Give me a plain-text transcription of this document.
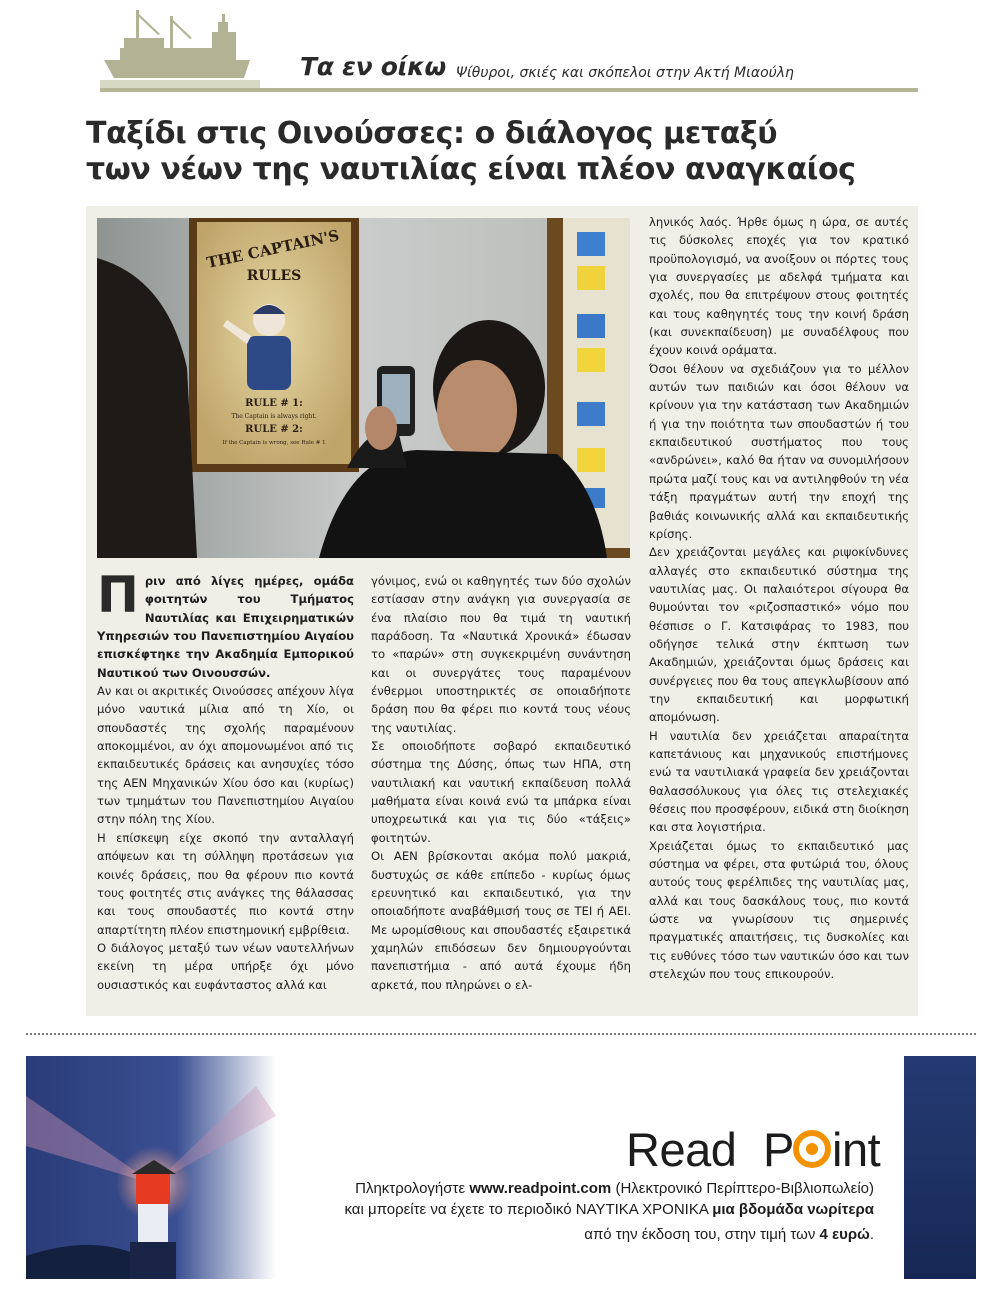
Τα εν οίκω Ψίθυροι, σκιές και σκόπελοι στην Ακτή Μιαούλη
Ταξίδι στις Οινούσσες: ο διάλογος μεταξύ
των νέων της ναυτιλίας είναι πλέον αναγκαίος
THE CAPTAIN'S
RULES
RULE # 1:
The Captain is always right.
RULE # 2:
If the Captain is wrong, see Rule # 1

Πριν από λίγες ημέρες, ομάδα φοιτητών του Τμήματος Ναυτιλίας και Επιχειρηματικών Υπηρεσιών του Πανεπιστημίου Αιγαίου επισκέφτηκε την Ακαδημία Εμπορικού Ναυτικού των Οινουσσών.

Αν και οι ακριτικές Οινούσσες απέχουν λίγα μόνο ναυτικά μίλια από τη Χίο, οι σπουδαστές της σχολής παραμένουν αποκομμένοι, αν όχι απομονωμένοι από τις εκπαιδευτικές δράσεις και ανησυχίες τόσο της ΑΕΝ Μηχανικών Χίου όσο και (κυρίως) των τμημάτων του Πανεπιστημίου Αιγαίου στην πόλη της Χίου.

Η επίσκεψη είχε σκοπό την ανταλλαγή απόψεων και τη σύλληψη προτάσεων για κοινές δράσεις, που θα φέρουν πιο κοντά τους φοιτητές στις ανάγκες της θάλασσας και τους σπουδαστές πιο κοντά στην απαρτίτητη πλέον επιστημονική εμβρίθεια.

Ο διάλογος μεταξύ των νέων ναυτελλήνων εκείνη τη μέρα υπήρξε όχι μόνο ουσιαστικός και ευφάνταστος αλλά και

γόνιμος, ενώ οι καθηγητές των δύο σχολών εστίασαν στην ανάγκη για συνεργασία σε ένα πλαίσιο που θα τιμά τη ναυτική παράδοση. Τα «Ναυτικά Χρονικά» έδωσαν το «παρών» στη συγκεκριμένη συνάντηση και οι συνεργάτες τους παραμένουν ένθερμοι υποστηρικτές σε οποιαδήποτε δράση που θα φέρει πιο κοντά τους νέους της ναυτιλίας.

Σε οποιοδήποτε σοβαρό εκπαιδευτικό σύστημα της Δύσης, όπως των ΗΠΑ, στη ναυτιλιακή και ναυτική εκπαίδευση πολλά μαθήματα είναι κοινά ενώ τα μπάρκα είναι υποχρεωτικά και για τις δύο «τάξεις» φοιτητών.

Οι ΑΕΝ βρίσκονται ακόμα πολύ μακριά, δυστυχώς σε κάθε επίπεδο - κυρίως όμως ερευνητικό και εκπαιδευτικό, για την οποιαδήποτε αναβάθμισή τους σε ΤΕΙ ή ΑΕΙ. Με ωρομίσθιους και σπουδαστές εξαιρετικά χαμηλών επιδόσεων δεν δημιουργούνται πανεπιστήμια - από αυτά έχουμε ήδη αρκετά, που πληρώνει ο ελ-

ληνικός λαός. Ήρθε όμως η ώρα, σε αυτές τις δύσκολες εποχές για τον κρατικό προϋπολογισμό, να ανοίξουν οι πόρτες τους για συνεργασίες με αδελφά τμήματα και σχολές, που θα επιτρέψουν στους φοιτητές και τους καθηγητές τους την κοινή δράση (και συνεκπαίδευση) με συναδέλφους που έχουν κοινά οράματα.

Όσοι θέλουν να σχεδιάζουν για το μέλλον αυτών των παιδιών και όσοι θέλουν να κρίνουν για την κατάσταση των Ακαδημιών ή για την ποιότητα των σπουδαστών ή του εκπαιδευτικού συστήματος που τους «ανδρώνει», καλό θα ήταν να συνομιλήσουν πρώτα μαζί τους και να αντιληφθούν τη νέα τάξη πραγμάτων αυτή την εποχή της βαθιάς κοινωνικής αλλά και εκπαιδευτικής κρίσης.

Δεν χρειάζονται μεγάλες και ριψοκίνδυνες αλλαγές στο εκπαιδευτικό σύστημα της ναυτιλίας μας. Οι παλαιότεροι σίγουρα θα θυμούνται τον «ριζοσπαστικό» νόμο που θέσπισε ο Γ. Κατσιφάρας το 1983, που οδήγησε τελικά στην έκπτωση των Ακαδημιών, χρειάζονται όμως δράσεις και συνέργειες που θα τους απεγκλωβίσουν από την εκπαιδευτική και μορφωτική απομόνωση.

Η ναυτιλία δεν χρειάζεται απαραίτητα καπετάνιους και μηχανικούς επιστήμονες ενώ τα ναυτιλιακά γραφεία δεν χρειάζονται θαλασσόλυκους για όλες τις στελεχιακές θέσεις που προσφέρουν, ειδικά στη διοίκηση και στα λογιστήρια.

Χρειάζεται όμως το εκπαιδευτικό μας σύστημα να φέρει, στα φυτώριά του, όλους αυτούς τους φερέλπιδες της ναυτιλίας μας, αλλά και τους δασκάλους τους, πιο κοντά ώστε να γνωρίσουν τις σημερινές πραγματικές απαιτήσεις, τις δυσκολίες και τις ευθύνες τόσο των ναυτικών όσο και των στελεχών που τους επικουρούν.

Read P int
Πληκτρολογήστε www.readpoint.com (Ηλεκτρονικό Περίπτερο-Βιβλιοπωλείο)
και μπορείτε να έχετε το περιοδικό ΝΑΥΤΙΚΑ ΧΡΟΝΙΚΑ μια βδομάδα νωρίτερα
από την έκδοση του, στην τιμή των 4 ευρώ.
